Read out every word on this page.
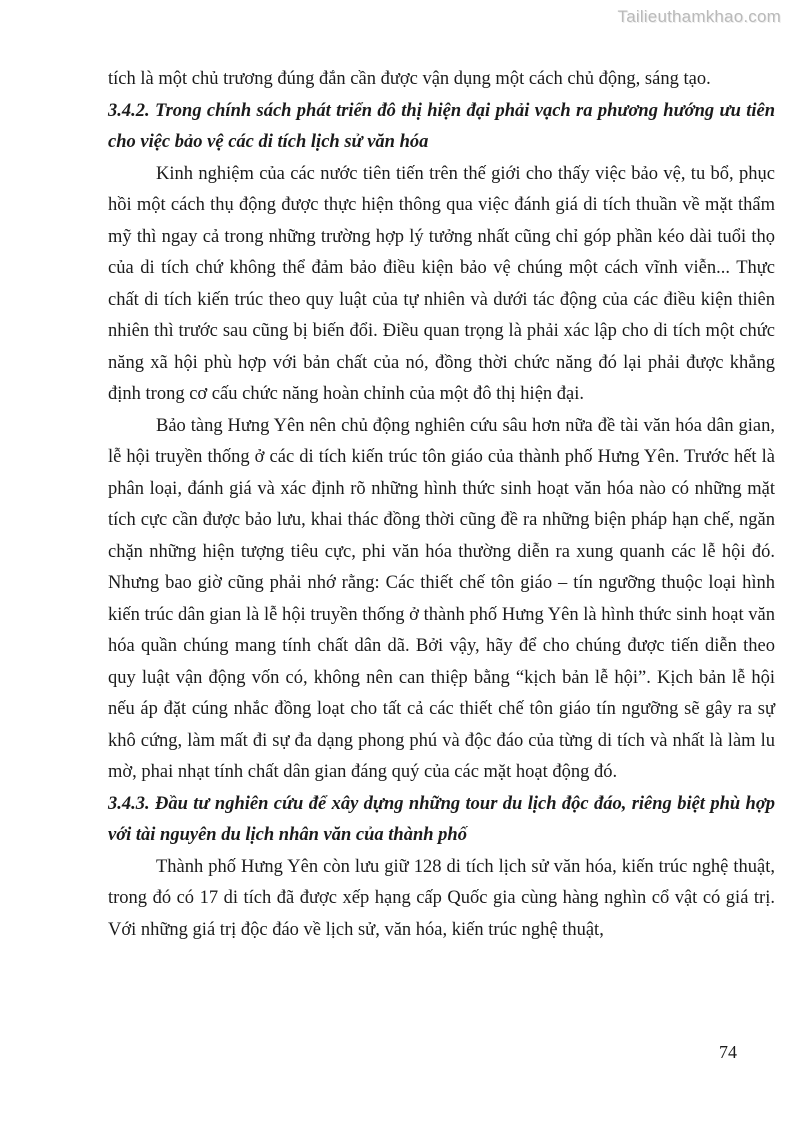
Tailieuthamkhao.com

tích là một chủ trương đúng đắn cần được vận dụng một cách chủ động, sáng tạo.

3.4.2. Trong chính sách phát triển đô thị hiện đại phải vạch ra phương hướng ưu tiên cho việc bảo vệ các di tích lịch sử văn hóa

Kinh nghiệm của các nước tiên tiến trên thế giới cho thấy việc bảo vệ, tu bổ, phục hồi một cách thụ động được thực hiện thông qua việc đánh giá di tích thuần về mặt thẩm mỹ thì ngay cả trong những trường hợp lý tưởng nhất cũng chỉ góp phần kéo dài tuổi thọ của di tích chứ không thể đảm bảo điều kiện bảo vệ chúng một cách vĩnh viễn... Thực chất di tích kiến trúc theo quy luật của tự nhiên và dưới tác động của các điều kiện thiên nhiên thì trước sau cũng bị biến đổi. Điều quan trọng là phải xác lập cho di tích một chức năng xã hội phù hợp với bản chất của nó, đồng thời chức năng đó lại phải được khẳng định trong cơ cấu chức năng hoàn chỉnh của một đô thị hiện đại.

Bảo tàng Hưng Yên nên chủ động nghiên cứu sâu hơn nữa đề tài văn hóa dân gian, lễ hội truyền thống ở các di tích kiến trúc tôn giáo của thành phố Hưng Yên. Trước hết là phân loại, đánh giá và xác định rõ những hình thức sinh hoạt văn hóa nào có những mặt tích cực cần được bảo lưu, khai thác đồng thời cũng đề ra những biện pháp hạn chế, ngăn chặn những hiện tượng tiêu cực, phi văn hóa thường diễn ra xung quanh các lễ hội đó. Nhưng bao giờ cũng phải nhớ rằng: Các thiết chế tôn giáo – tín ngưỡng thuộc loại hình kiến trúc dân gian là lễ hội truyền thống ở thành phố Hưng Yên là hình thức sinh hoạt văn hóa quần chúng mang tính chất dân dã. Bởi vậy, hãy để cho chúng được tiến diễn theo quy luật vận động vốn có, không nên can thiệp bằng “kịch bản lễ hội”. Kịch bản lễ hội nếu áp đặt cúng nhắc đồng loạt cho tất cả các thiết chế tôn giáo tín ngưỡng sẽ gây ra sự khô cứng, làm mất đi sự đa dạng phong phú và độc đáo của từng di tích và nhất là làm lu mờ, phai nhạt tính chất dân gian đáng quý của các mặt hoạt động đó.

3.4.3. Đầu tư nghiên cứu để xây dựng những tour du lịch độc đáo, riêng biệt phù hợp với tài nguyên du lịch nhân văn của thành phố

Thành phố Hưng Yên còn lưu giữ 128 di tích lịch sử văn hóa, kiến trúc nghệ thuật, trong đó có 17 di tích đã được xếp hạng cấp Quốc gia cùng hàng nghìn cổ vật có giá trị. Với những giá trị độc đáo về lịch sử, văn hóa, kiến trúc nghệ thuật,

74
